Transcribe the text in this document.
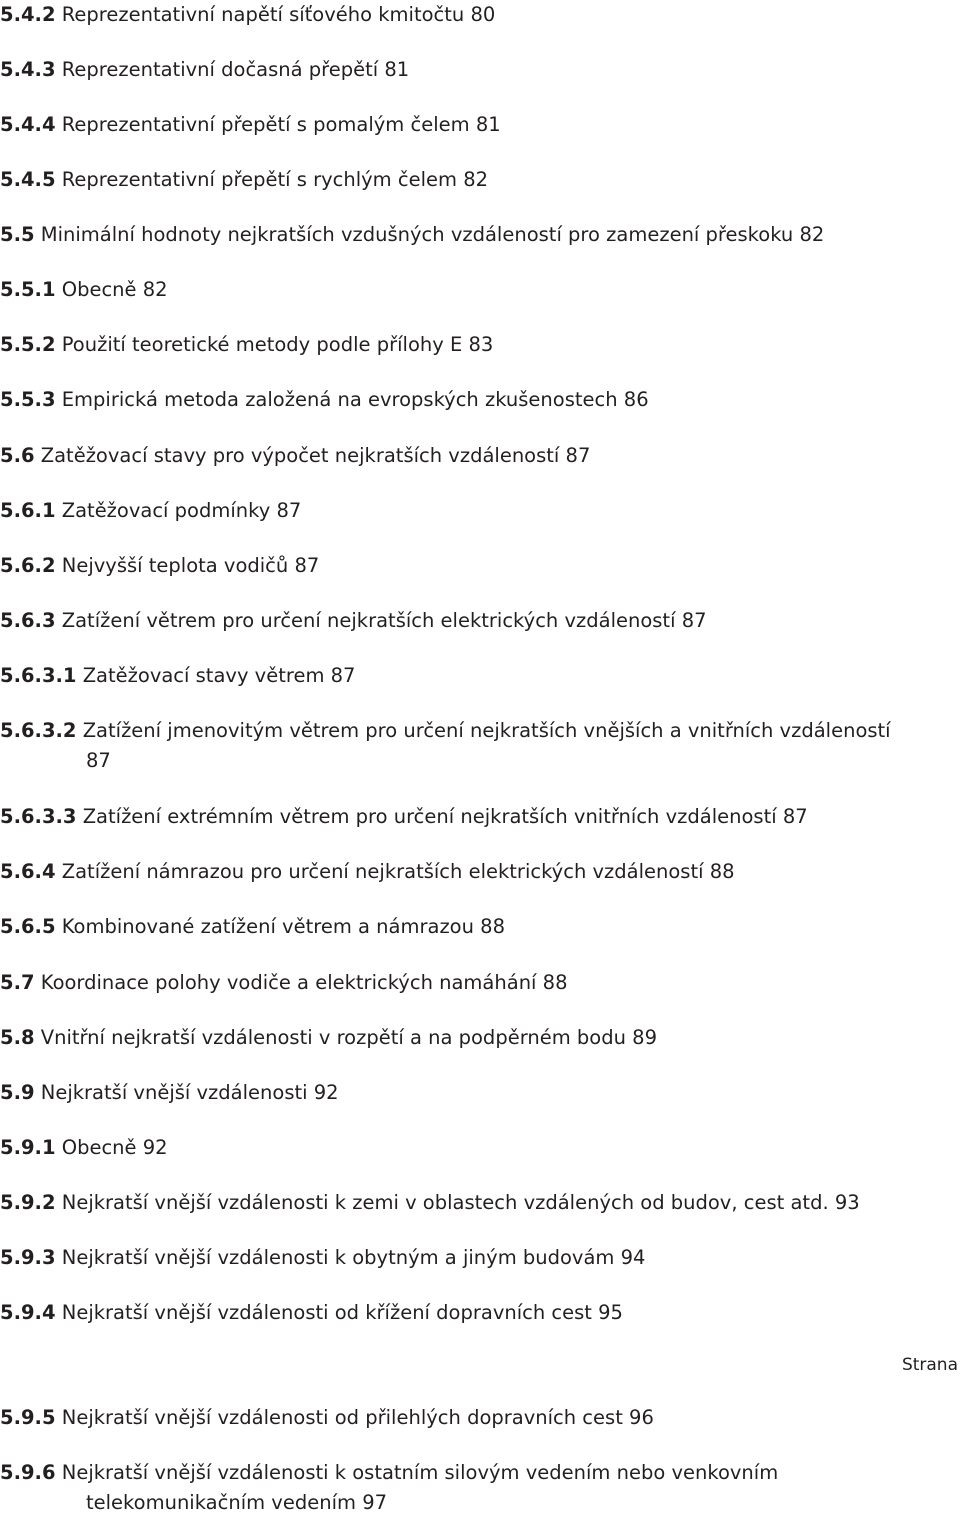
5.4.2 Reprezentativní napětí síťového kmitočtu 80
5.4.3 Reprezentativní dočasná přepětí 81
5.4.4 Reprezentativní přepětí s pomalým čelem 81
5.4.5 Reprezentativní přepětí s rychlým čelem 82
5.5 Minimální hodnoty nejkratších vzdušných vzdáleností pro zamezení přeskoku 82
5.5.1 Obecně 82
5.5.2 Použití teoretické metody podle přílohy E 83
5.5.3 Empirická metoda založená na evropských zkušenostech 86
5.6 Zatěžovací stavy pro výpočet nejkratších vzdáleností 87
5.6.1 Zatěžovací podmínky 87
5.6.2 Nejvyšší teplota vodičů 87
5.6.3 Zatížení větrem pro určení nejkratších elektrických vzdáleností 87
5.6.3.1 Zatěžovací stavy větrem 87
5.6.3.2 Zatížení jmenovitým větrem pro určení nejkratších vnějších a vnitřních vzdáleností
87
5.6.3.3 Zatížení extrémním větrem pro určení nejkratších vnitřních vzdáleností 87
5.6.4 Zatížení námrazou pro určení nejkratších elektrických vzdáleností 88
5.6.5 Kombinované zatížení větrem a námrazou 88
5.7 Koordinace polohy vodiče a elektrických namáhání 88
5.8 Vnitřní nejkratší vzdálenosti v rozpětí a na podpěrném bodu 89
5.9 Nejkratší vnější vzdálenosti 92
5.9.1 Obecně 92
5.9.2 Nejkratší vnější vzdálenosti k zemi v oblastech vzdálených od budov, cest atd. 93
5.9.3 Nejkratší vnější vzdálenosti k obytným a jiným budovám 94
5.9.4 Nejkratší vnější vzdálenosti od křížení dopravních cest 95
5.9.5 Nejkratší vnější vzdálenosti od přilehlých dopravních cest 96
5.9.6 Nejkratší vnější vzdálenosti k ostatním silovým vedením nebo venkovním
telekomunikačním vedením 97
Strana
